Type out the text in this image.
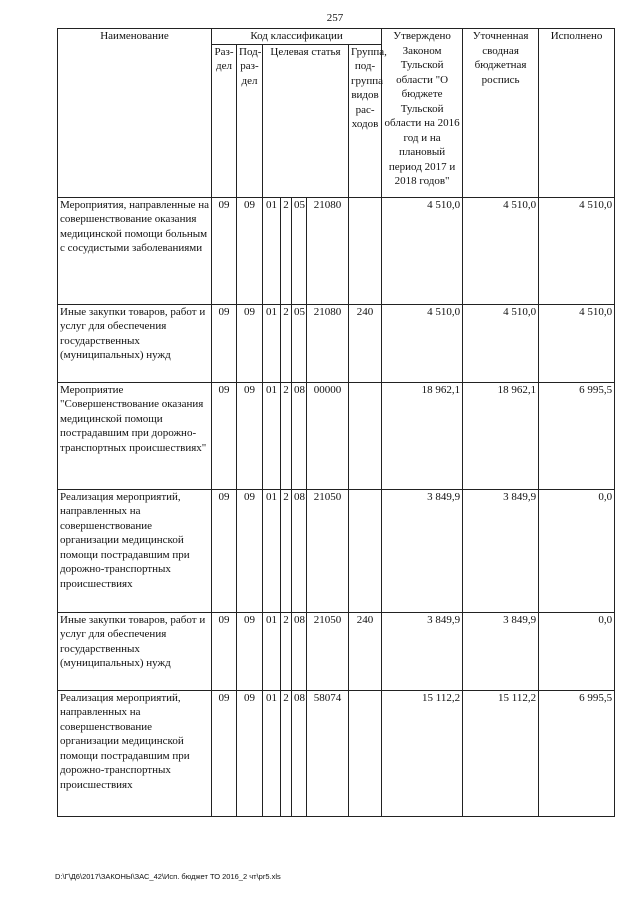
257
Наименование	Код классификации							Утверждено Законом Тульской области "О бюджете Тульской области на 2016 год и на плановый период 2017 и 2018 годов"	Уточненная сводная бюджетная роспись	Исполнено
	Раз-дел	Под-раз-дел	Целевая статья				Группа, под-группа видов рас-ходов			
Мероприятия, направленные на совершенствование оказания медицинской помощи больным с сосудистыми заболеваниями	09	09	01	2	05	21080		4 510,0	4 510,0	4 510,0
Иные закупки товаров, работ и услуг для обеспечения государственных (муниципальных) нужд	09	09	01	2	05	21080	240	4 510,0	4 510,0	4 510,0
Мероприятие "Совершенствование оказания медицинской помощи пострадавшим при дорожно-транспортных происшествиях"	09	09	01	2	08	00000		18 962,1	18 962,1	6 995,5
Реализация мероприятий, направленных на совершенствование организации медицинской помощи пострадавшим при дорожно-транспортных происшествиях	09	09	01	2	08	21050		3 849,9	3 849,9	0,0
Иные закупки товаров, работ и услуг для обеспечения государственных (муниципальных) нужд	09	09	01	2	08	21050	240	3 849,9	3 849,9	0,0
Реализация мероприятий, направленных на совершенствование организации медицинской помощи пострадавшим при дорожно-транспортных происшествиях	09	09	01	2	08	58074		15 112,2	15 112,2	6 995,5
D:\Г\Д6\2017\ЗАКОНЫ\ЗАС_42\Исп. бюджет ТО 2016_2 чт\pr5.xls
